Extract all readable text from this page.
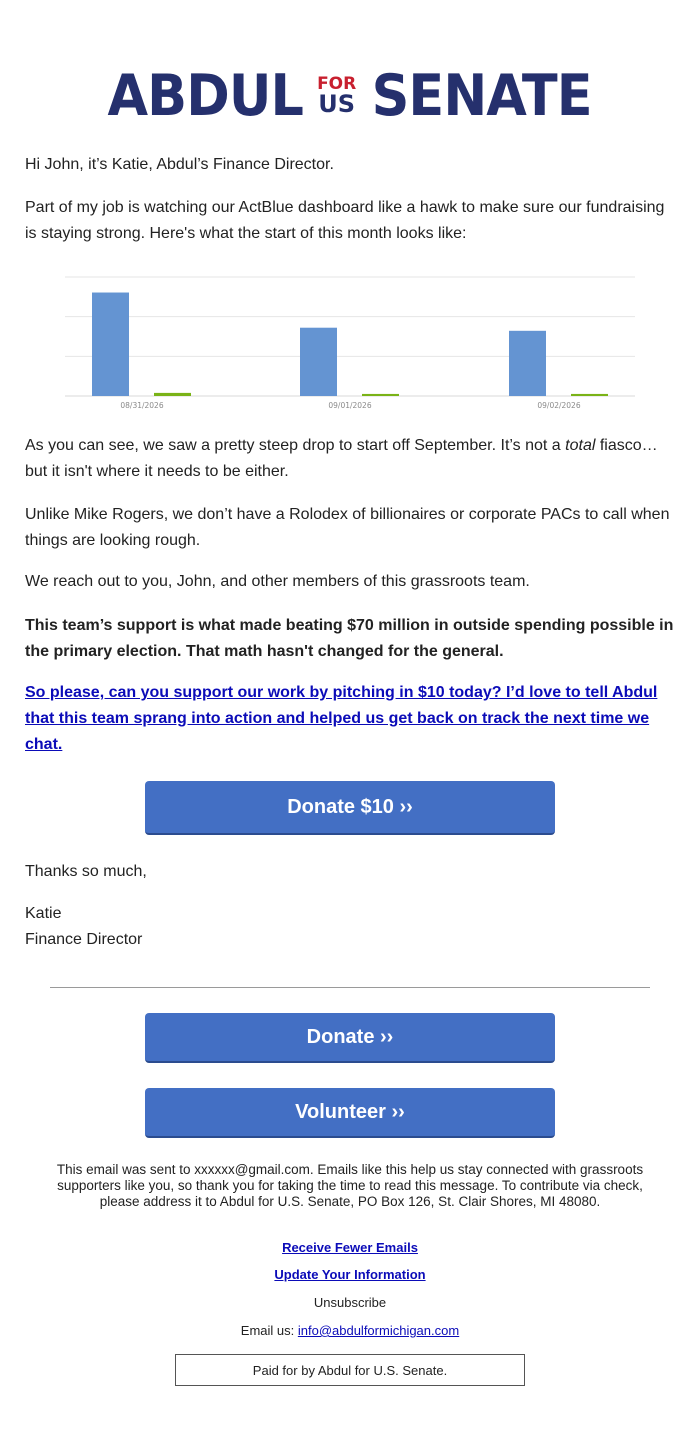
ABDUL FOR
US SENATE

Hi John, it’s Katie, Abdul’s Finance Director.

Part of my job is watching our ActBlue dashboard like a hawk to make sure our fundraising is staying strong. Here's what the start of this month looks like:

08/31/2026	09/01/2026	09/02/2026

As you can see, we saw a pretty steep drop to start off September. It’s not a total fiasco… but it isn't where it needs to be either.

Unlike Mike Rogers, we don’t have a Rolodex of billionaires or corporate PACs to call when things are looking rough.

We reach out to you, John, and other members of this grassroots team.

This team’s support is what made beating $70 million in outside spending possible in the primary election. That math hasn't changed for the general.

So please, can you support our work by pitching in $10 today? I’d love to tell Abdul that this team sprang into action and helped us get back on track the next time we chat.

Donate $10 ››

Thanks so much,

Katie

Finance Director

Donate ››
Volunteer ››
This email was sent to xxxxxx@gmail.com. Emails like this help us stay connected with grassroots supporters like you, so thank you for taking the time to read this message. To contribute via check, please address it to Abdul for U.S. Senate, PO Box 126, St. Clair Shores, MI 48080.
Receive Fewer Emails
Update Your Information
Unsubscribe
Email us: info@abdulformichigan.com
Paid for by Abdul for U.S. Senate.
